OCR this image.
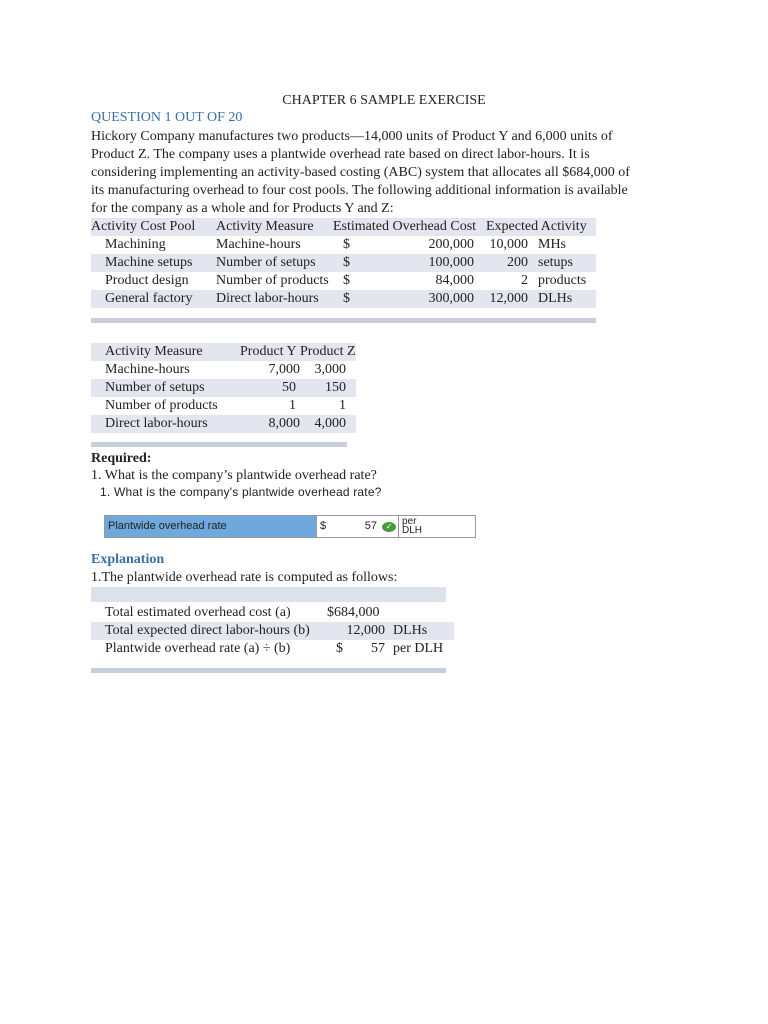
CHAPTER 6 SAMPLE EXERCISE
QUESTION 1 OUT OF 20
Hickory Company manufactures two products—14,000 units of Product Y and 6,000 units of
Product Z. The company uses a plantwide overhead rate based on direct labor-hours. It is
considering implementing an activity-based costing (ABC) system that allocates all $684,000 of
its manufacturing overhead to four cost pools. The following additional information is available
for the company as a whole and for Products Y and Z:
Activity Cost Pool	Activity Measure	Estimated Overhead Cost		Expected Activity	
Machining	Machine-hours	$	200,000	10,000	MHs
Machine setups	Number of setups	$	100,000	200	setups
Product design	Number of products	$	84,000	2	products
General factory	Direct labor-hours	$	300,000	12,000	DLHs
Activity Measure	Product Y	Product Z
Machine-hours	7,000	3,000
Number of setups	50	150
Number of products	1	1
Direct labor-hours	8,000	4,000
Required:
1. What is the company’s plantwide overhead rate?
1. What is the company's plantwide overhead rate?
Plantwide overhead rate	$	57	✓ per
DLH
Explanation
1.The plantwide overhead rate is computed as follows:
Total estimated overhead cost (a)	$684,000	
Total expected direct labor-hours (b)	12,000	DLHs
Plantwide overhead rate (a) ÷ (b)	$        57	per DLH
